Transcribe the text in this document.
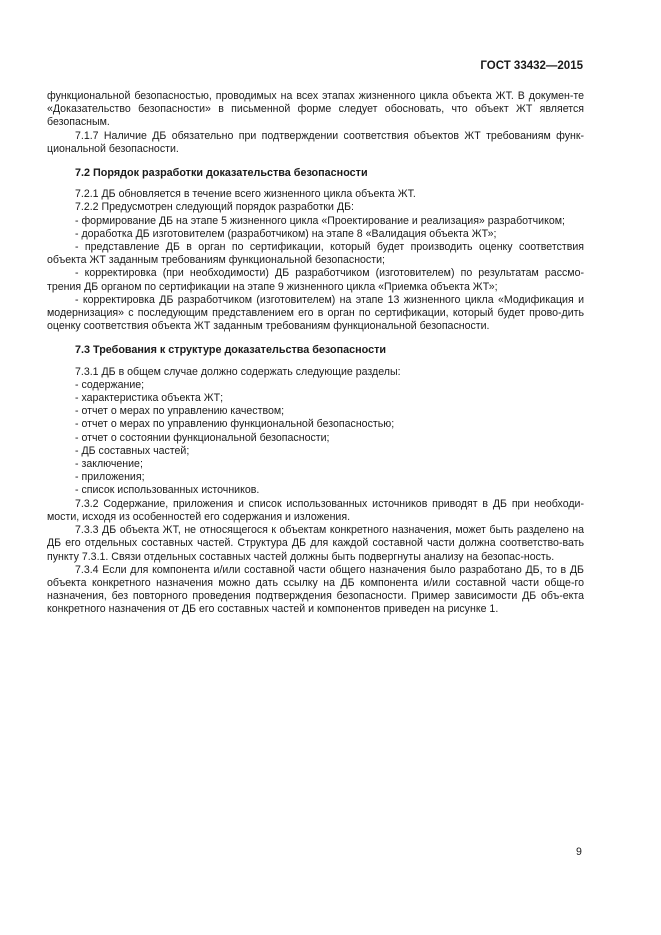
ГОСТ 33432—2015

функциональной безопасностью, проводимых на всех этапах жизненного цикла объекта ЖТ. В докумен-те «Доказательство безопасности» в письменной форме следует обосновать, что объект ЖТ является безопасным.

7.1.7 Наличие ДБ обязательно при подтверждении соответствия объектов ЖТ требованиям функ-циональной безопасности.

7.2 Порядок разработки доказательства безопасности

7.2.1 ДБ обновляется в течение всего жизненного цикла объекта ЖТ.

7.2.2 Предусмотрен следующий порядок разработки ДБ:

- формирование ДБ на этапе 5 жизненного цикла «Проектирование и реализация» разработчиком;

- доработка ДБ изготовителем (разработчиком) на этапе 8 «Валидация объекта ЖТ»;

- представление ДБ в орган по сертификации, который будет производить оценку соответствия объекта ЖТ заданным требованиям функциональной безопасности;

- корректировка (при необходимости) ДБ разработчиком (изготовителем) по результатам рассмо-трения ДБ органом по сертификации на этапе 9 жизненного цикла «Приемка объекта ЖТ»;

- корректировка ДБ разработчиком (изготовителем) на этапе 13 жизненного цикла «Модификация и модернизация» с последующим представлением его в орган по сертификации, который будет прово-дить оценку соответствия объекта ЖТ заданным требованиям функциональной безопасности.

7.3 Требования к структуре доказательства безопасности

7.3.1 ДБ в общем случае должно содержать следующие разделы:

- содержание;

- характеристика объекта ЖТ;

- отчет о мерах по управлению качеством;

- отчет о мерах по управлению функциональной безопасностью;

- отчет о состоянии функциональной безопасности;

- ДБ составных частей;

- заключение;

- приложения;

- список использованных источников.

7.3.2 Содержание, приложения и список использованных источников приводят в ДБ при необходи-мости, исходя из особенностей его содержания и изложения.

7.3.3 ДБ объекта ЖТ, не относящегося к объектам конкретного назначения, может быть разделено на ДБ его отдельных составных частей. Структура ДБ для каждой составной части должна соответство-вать пункту 7.3.1. Связи отдельных составных частей должны быть подвергнуты анализу на безопас-ность.

7.3.4 Если для компонента и/или составной части общего назначения было разработано ДБ, то в ДБ объекта конкретного назначения можно дать ссылку на ДБ компонента и/или составной части обще-го назначения, без повторного проведения подтверждения безопасности. Пример зависимости ДБ объ-екта конкретного назначения от ДБ его составных частей и компонентов приведен на рисунке 1.

9
